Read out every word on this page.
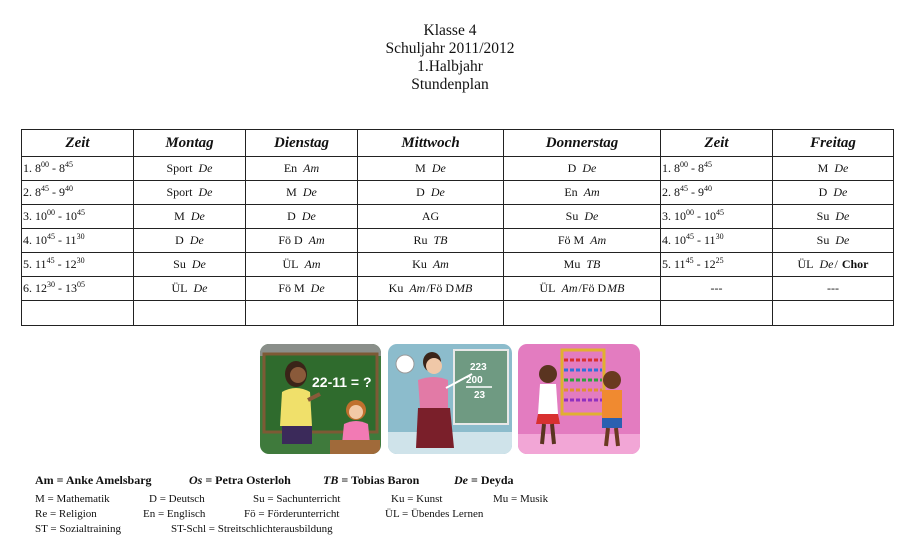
Klasse 4
Schuljahr 2011/2012
1.Halbjahr
Stundenplan
Zeit	Montag	Dienstag	Mittwoch	Donnerstag	Zeit	Freitag
1. $8^{00} - 8^{45}$	Sport De	En Am	M De	D De	1. $8^{00} - 8^{45}$	M De
2. $8^{45} - 9^{40}$	Sport De	M De	D De	En Am	2. $8^{45} - 9^{40}$	D De
3. $10^{00} - 10^{45}$	M De	D De	AG	Su De	3. $10^{00} - 10^{45}$	Su De
4. $10^{45} - 11^{30}$	D De	Fö D Am	Ru TB	Fö M Am	4. $10^{45} - 11^{30}$	Su De
5. $11^{45} - 12^{30}$	Su De	ÜL Am	Ku Am	Mu TB	5. $11^{45} - 12^{25}$	ÜL De/ Chor
6. $12^{30} - 13^{05}$	ÜL De	Fö M De	Ku Am/Fö DMB	ÜL Am/Fö DMB	---	---

22-11 = ?
223
200
23
Am = Anke Amelsbarg	Os = Petra Osterloh	TB = Tobias Baron	De = Deyda
M = Mathematik	D = Deutsch	Su = Sachunterricht	Ku = Kunst	Mu = Musik
Re = Religion	En = Englisch	Fö = Förderunterricht	ÜL = Übendes Lernen
ST = Sozialtraining	ST-Schl = Streitschlichterausbildung
